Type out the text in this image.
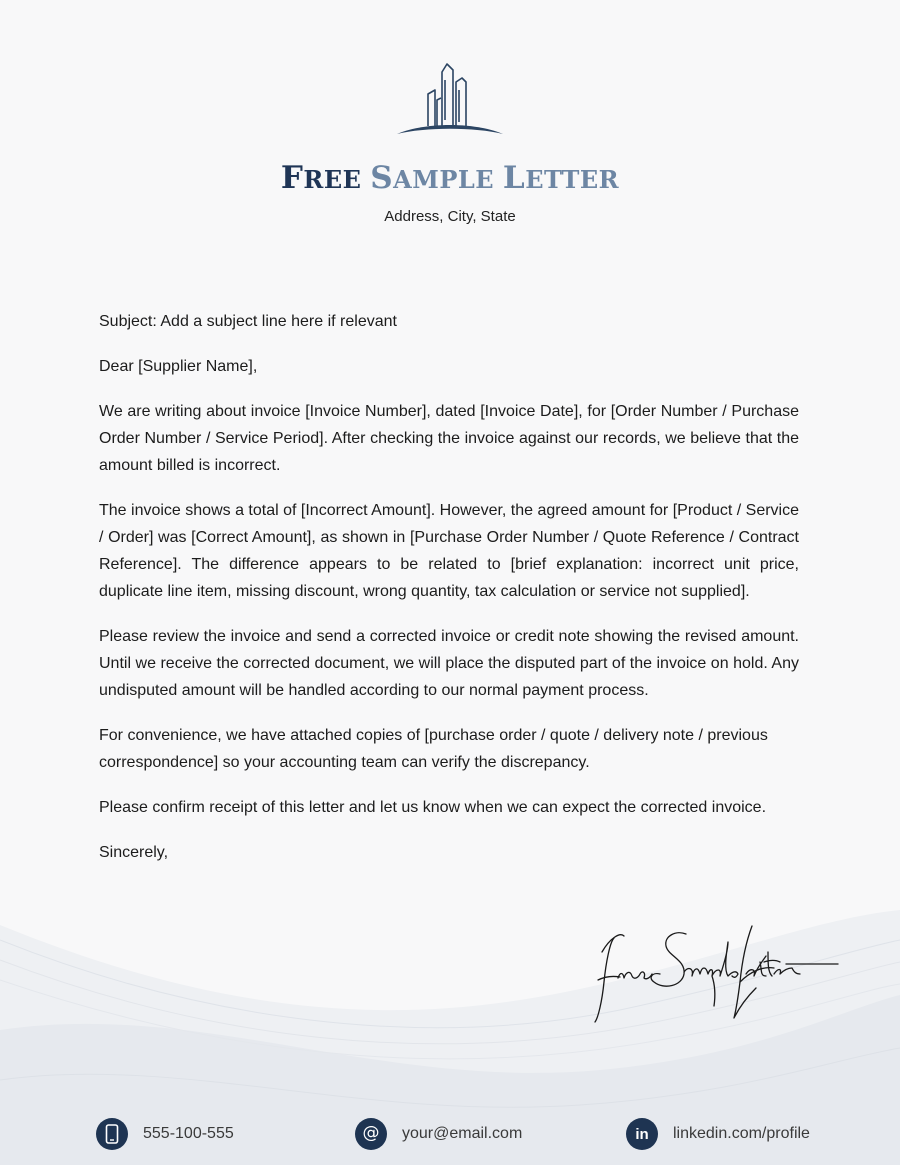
FREE SAMPLE LETTER
Address, City, State

Subject: Add a subject line here if relevant

Dear [Supplier Name],

We are writing about invoice [Invoice Number], dated [Invoice Date], for [Order Number / Purchase Order Number / Service Period]. After checking the invoice against our records, we believe that the amount billed is incorrect.

The invoice shows a total of [Incorrect Amount]. However, the agreed amount for [Product / Service / Order] was [Correct Amount], as shown in [Purchase Order Number / Quote Reference / Contract Reference]. The difference appears to be related to [brief explanation: incorrect unit price, duplicate line item, missing discount, wrong quantity, tax calculation or service not supplied].

Please review the invoice and send a corrected invoice or credit note showing the revised amount. Until we receive the corrected document, we will place the disputed part of the invoice on hold. Any undisputed amount will be handled according to our normal payment process.

For convenience, we have attached copies of [purchase order / quote / delivery note / previous correspondence] so your accounting team can verify the discrepancy.

Please confirm receipt of this letter and let us know when we can expect the corrected invoice.

Sincerely,

555-100-555	@ your@email.com	in linkedin.com/profile
